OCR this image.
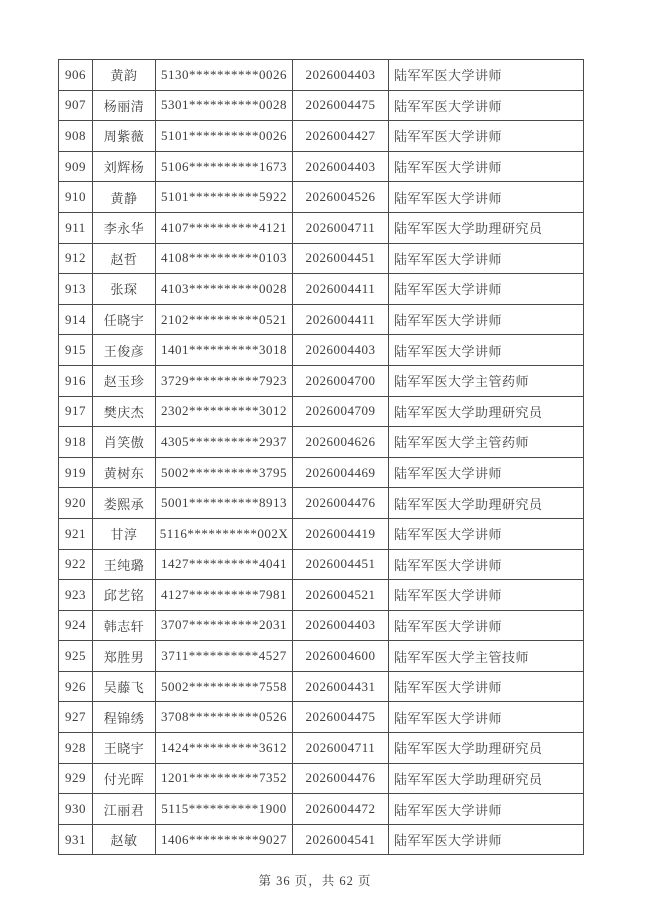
906	黄韵	5130**********0026	2026004403	陆军军医大学讲师
907	杨丽清	5301**********0028	2026004475	陆军军医大学讲师
908	周紫薇	5101**********0026	2026004427	陆军军医大学讲师
909	刘辉杨	5106**********1673	2026004403	陆军军医大学讲师
910	黄静	5101**********5922	2026004526	陆军军医大学讲师
911	李永华	4107**********4121	2026004711	陆军军医大学助理研究员
912	赵哲	4108**********0103	2026004451	陆军军医大学讲师
913	张琛	4103**********0028	2026004411	陆军军医大学讲师
914	任晓宇	2102**********0521	2026004411	陆军军医大学讲师
915	王俊彦	1401**********3018	2026004403	陆军军医大学讲师
916	赵玉珍	3729**********7923	2026004700	陆军军医大学主管药师
917	樊庆杰	2302**********3012	2026004709	陆军军医大学助理研究员
918	肖笑傲	4305**********2937	2026004626	陆军军医大学主管药师
919	黄树东	5002**********3795	2026004469	陆军军医大学讲师
920	娄熙承	5001**********8913	2026004476	陆军军医大学助理研究员
921	甘淳	5116**********002X	2026004419	陆军军医大学讲师
922	王纯璐	1427**********4041	2026004451	陆军军医大学讲师
923	邱艺铭	4127**********7981	2026004521	陆军军医大学讲师
924	韩志轩	3707**********2031	2026004403	陆军军医大学讲师
925	郑胜男	3711**********4527	2026004600	陆军军医大学主管技师
926	吴藤飞	5002**********7558	2026004431	陆军军医大学讲师
927	程锦绣	3708**********0526	2026004475	陆军军医大学讲师
928	王晓宇	1424**********3612	2026004711	陆军军医大学助理研究员
929	付光晖	1201**********7352	2026004476	陆军军医大学助理研究员
930	江丽君	5115**********1900	2026004472	陆军军医大学讲师
931	赵敏	1406**********9027	2026004541	陆军军医大学讲师
第 36 页，共 62 页
